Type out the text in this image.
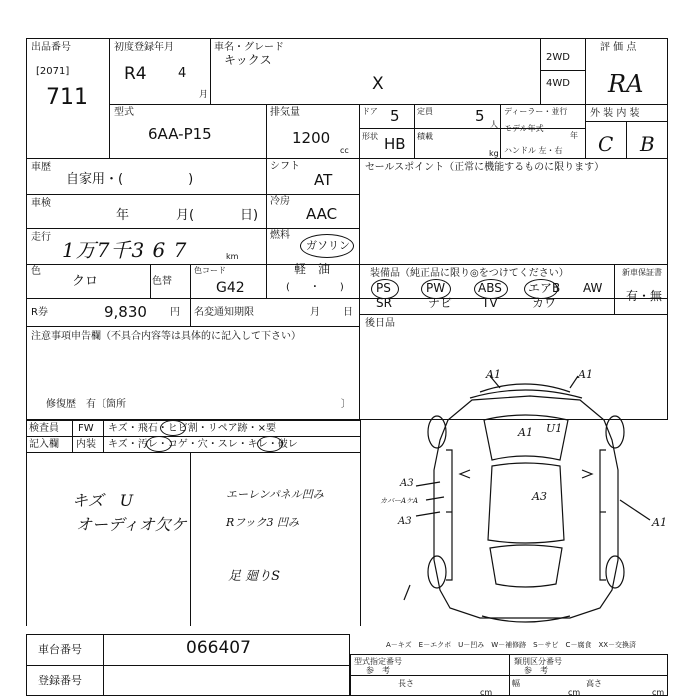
出品番号
[2071]
711
初度登録年月
R4 4
月
車名・グレード
キックス
X
2WD
4WD
評 価 点
RA
型式
6AA-P15
排気量
1200
cc
ドア 5 定員	5 人
形状 HB 積載
kg
ディーラー・並行
モデル年式
年
ハンドル 左・右
外 装 内 装
C B
車歴
自家用・(　　　　　)
シフト
AT
セールスポイント（正常に機能するものに限ります）
車検
年	月(	日)
冷房
AAC
走行
1万7千3 6 7	km
燃料
ガソリン
軽　油
(　　・　　)
色
クロ	色替
色コード
G42
R券	9,830 円 名変通知期限	月 日
注意事項申告欄（不具合内容等は具体的に記入して下さい）
修復歴　有〔箇所	〕
装備品（純正品に限り◎をつけてください）	新車保証書
有・無
PS	PW	ABS エアB AW
SR	ナビ TV	カワ
後日品
検査員 FW キズ・飛石・ヒビ割・リペア跡・×要
記入欄 内装 キズ・汚レ・コゲ・穴・スレ・キレ・破レ
キズ　U
オーディオ欠ケ
エーレンパネル凹み
Rフック3 凹み
足 廻りS
A1	A1
A1 U1
A3
A3
カバーAケA
A3	A1
車台番号	066407
登録番号
A－キズ　E－エクボ　U－凹み　W－補修跡　S－サビ　C－腐食　XX－交換済
型式指定番号
参　考
類別区分番号
参　考
長さ
cm
幅
cm
高さ
cm
